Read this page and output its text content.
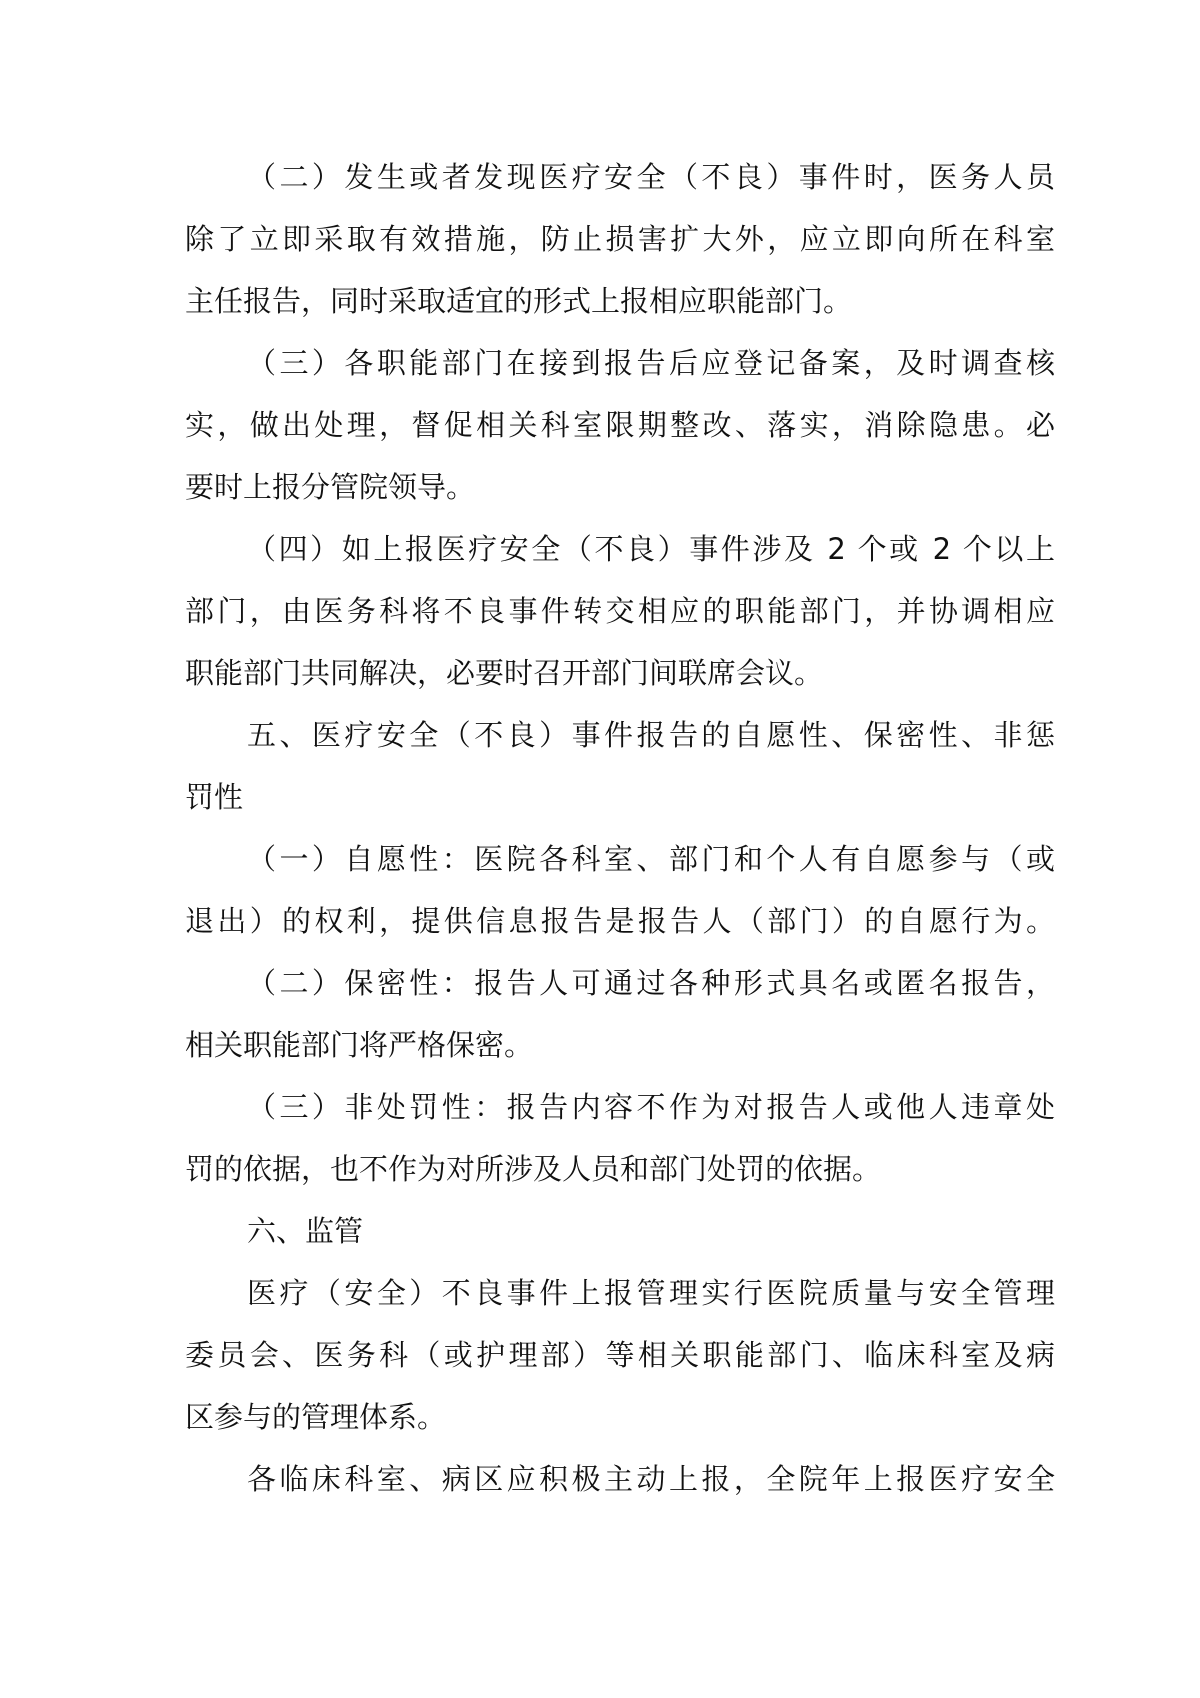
（二）发生或者发现医疗安全（不良）事件时，医务人员

除了立即采取有效措施，防止损害扩大外，应立即向所在科室

主任报告，同时采取适宜的形式上报相应职能部门。

（三）各职能部门在接到报告后应登记备案，及时调查核

实，做出处理，督促相关科室限期整改、落实，消除隐患。必

要时上报分管院领导。

（四）如上报医疗安全（不良）事件涉及 2 个或 2 个以上

部门，由医务科将不良事件转交相应的职能部门，并协调相应

职能部门共同解决，必要时召开部门间联席会议。

五、医疗安全（不良）事件报告的自愿性、保密性、非惩

罚性

（一）自愿性：医院各科室、部门和个人有自愿参与（或

退出）的权利，提供信息报告是报告人（部门）的自愿行为。

（二）保密性：报告人可通过各种形式具名或匿名报告，

相关职能部门将严格保密。

（三）非处罚性：报告内容不作为对报告人或他人违章处

罚的依据，也不作为对所涉及人员和部门处罚的依据。

六、监管

医疗（安全）不良事件上报管理实行医院质量与安全管理

委员会、医务科（或护理部）等相关职能部门、临床科室及病

区参与的管理体系。

各临床科室、病区应积极主动上报，全院年上报医疗安全
